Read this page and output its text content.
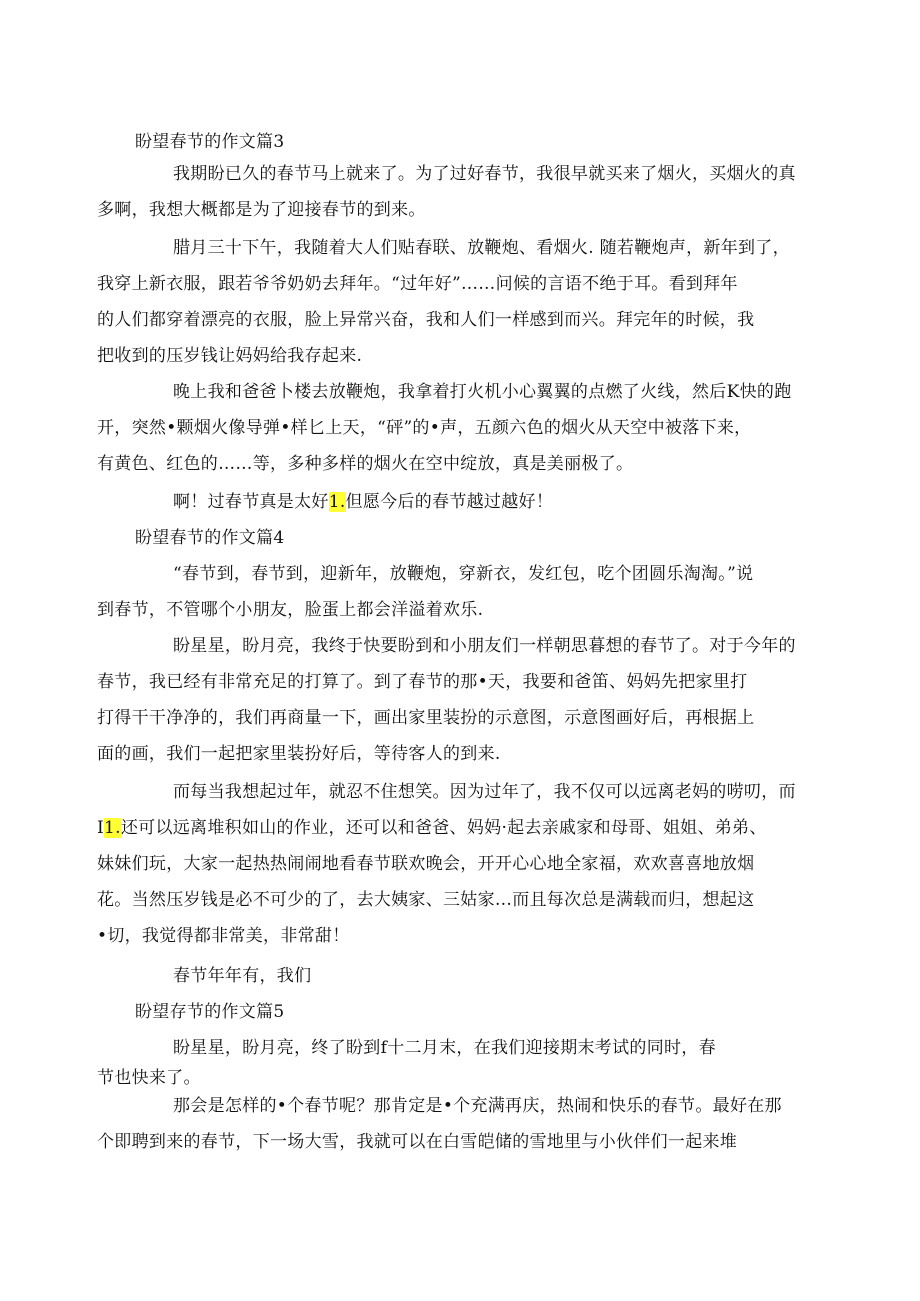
盼望春节的作文篇3
我期盼已久的春节马上就来了。为了过好春节，我很早就买来了烟火，买烟火的真
多啊，我想大概都是为了迎接春节的到来。
腊月三十下午，我随着大人们贴春联、放鞭炮、看烟火. 随若鞭炮声，新年到了，
我穿上新衣服，跟若爷爷奶奶去拜年。“过年好”……问候的言语不绝于耳。看到拜年
的人们都穿着漂亮的衣服，脸上异常兴奋，我和人们一样感到而兴。拜完年的时候，我
把收到的压岁钱让妈妈给我存起来.
晚上我和爸爸卜楼去放鞭炮，我拿着打火机小心翼翼的点燃了火线，然后K快的跑
开，突然•颗烟火像导弹•样匕上天，“砰”的•声，五颜六色的烟火从天空中被落下来，
有黄色、红色的……等，多种多样的烟火在空中绽放，真是美丽极了。
啊！过春节真是太好1.但愿今后的春节越过越好！
盼望春节的作文篇4
“春节到，春节到，迎新年，放鞭炮，穿新衣，发红包，吃个团圆乐淘淘。”说
到春节，不管哪个小朋友，脸蛋上都会洋溢着欢乐.
盼星星，盼月亮，我终于快要盼到和小朋友们一样朝思暮想的春节了。对于今年的
春节，我已经有非常充足的打算了。到了春节的那•天，我要和爸笛、妈妈先把家里打
打得干干净净的，我们再商量一下，画出家里装扮的示意图，示意图画好后，再根据上
面的画，我们一起把家里装扮好后，等待客人的到来.
而每当我想起过年，就忍不住想笑。因为过年了，我不仅可以远离老妈的唠叨，而
I1.还可以远离堆积如山的作业，还可以和爸爸、妈妈·起去亲戚家和母哥、姐姐、弟弟、
妹妹们玩，大家一起热热闹闹地看春节联欢晚会，开开心心地全家福，欢欢喜喜地放烟
花。当然压岁钱是必不可少的了，去大姨家、三姑家…而且每次总是满载而归，想起这
•切，我觉得都非常美，非常甜！
春节年年有，我们
盼望存节的作文篇5
盼星星，盼月亮，终了盼到f十二月末，在我们迎接期末考试的同时，春
节也快来了。
那会是怎样的•个春节呢？那肯定是•个充满再庆，热闹和快乐的春节。最好在那
个即聘到来的春节，下一场大雪，我就可以在白雪皑储的雪地里与小伙伴们一起来堆
